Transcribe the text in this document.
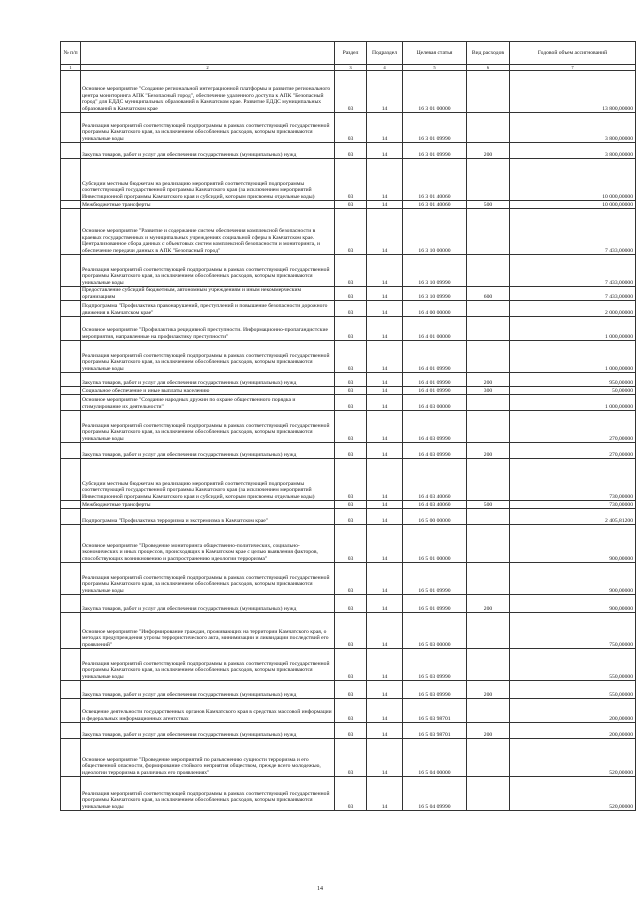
№ п/п		Раздел	Подраздел	Целевая статья	Вид расходов	Годовой объем ассигнований
1	2	3	4	5	6	7
	Основное мероприятие "Создание региональной интеграционной платформы и развитие регионального центра мониторинга АПК "Безопасный город", обеспечение удаленного доступа к АПК "Безопасный город" для ЕДДС муниципальных образований в Камчатском крае. Развитие ЕДДС муниципальных образований в Камчатском крае	03	14	16 3 01 00000		13 800,00000
	Реализация мероприятий соответствующей подпрограммы в рамках соответствующей государственной программы Камчатского края, за исключением обособленных расходов, которым присваиваются уникальные коды	03	14	16 3 01 09990		3 800,00000
	Закупка товаров, работ и услуг для обеспечения государственных (муниципальных) нужд	03	14	16 3 01 09990	200	3 800,00000
	Субсидии местным бюджетам на реализацию мероприятий соответствующей подпрограммы соответствующей государственной программы Камчатского края (за исключением мероприятий Инвестиционной программы Камчатского края и субсидий, которым присвоены отдельные коды)	03	14	16 3 01 40060		10 000,00000
	Межбюджетные трансферты	03	14	16 3 01 40060	500	10 000,00000
	Основное мероприятие "Развитие и содержание систем обеспечения комплексной безопасности в краевых государственных и муниципальных учреждениях социальной сферы в Камчатском крае. Централизованное сбора данных с объектовых систем комплексной безопасности и мониторинга, и обеспечение передачи данных в АПК "Безопасный город"	03	14	16 3 10 00000		7 433,00000
	Реализация мероприятий соответствующей подпрограммы в рамках соответствующей государственной программы Камчатского края, за исключением обособленных расходов, которым присваиваются уникальные коды	03	14	16 3 10 09990		7 433,00000
	Предоставление субсидий бюджетным, автономным учреждениям и иным некоммерческим организациям	03	14	16 3 10 09990	600	7 433,00000
	Подпрограмма "Профилактика правонарушений, преступлений и повышение безопасности дорожного движения в Камчатском крае"	03	14	16 4 00 00000		2 000,00000
	Основное мероприятие "Профилактика рецидивной преступности. Информационно-пропагандистские мероприятия, направленные на профилактику преступности"	03	14	16 4 01 00000		1 000,00000
	Реализация мероприятий соответствующей подпрограммы в рамках соответствующей государственной программы Камчатского края, за исключением обособленных расходов, которым присваиваются уникальные коды	03	14	16 4 01 09990		1 000,00000
	Закупка товаров, работ и услуг для обеспечения государственных (муниципальных) нужд	03	14	16 4 01 09990	200	950,00000
	Социальное обеспечение и иные выплаты населению	03	14	16 4 01 09990	300	50,00000
	Основное мероприятие "Создание народных дружин по охране общественного порядка и стимулирование их деятельности"	03	14	16 4 03 00000		1 000,00000
	Реализация мероприятий соответствующей подпрограммы в рамках соответствующей государственной программы Камчатского края, за исключением обособленных расходов, которым присваиваются уникальные коды	03	14	16 4 03 09990		270,00000
	Закупка товаров, работ и услуг для обеспечения государственных (муниципальных) нужд	03	14	16 4 03 09990	200	270,00000
	Субсидии местным бюджетам на реализацию мероприятий соответствующей подпрограммы соответствующей государственной программы Камчатского края (за исключением мероприятий Инвестиционной программы Камчатского края и субсидий, которым присвоены отдельные коды)	03	14	16 4 03 40060		730,00000
	Межбюджетные трансферты	03	14	16 4 03 40060	500	730,00000
	Подпрограмма "Профилактика терроризма и экстремизма в Камчатском крае"	03	14	16 5 00 00000		2 405,81200
	Основное мероприятие "Проведение мониторинга общественно-политических, социально-экономических и иных процессов, происходящих в Камчатском крае с целью выявления факторов, способствующих возникновению и распространению идеологии терроризма"	03	14	16 5 01 00000		900,00000
	Реализация мероприятий соответствующей подпрограммы в рамках соответствующей государственной программы Камчатского края, за исключением обособленных расходов, которым присваиваются уникальные коды	03	14	16 5 01 09990		900,00000
	Закупка товаров, работ и услуг для обеспечения государственных (муниципальных) нужд	03	14	16 5 01 09990	200	900,00000
	Основное мероприятие "Информирование граждан, проживающих на территории Камчатского края, о методах предупреждения угрозы террористического акта, минимизации и ликвидации последствий его проявлений"	03	14	16 5 03 00000		750,00000
	Реализация мероприятий соответствующей подпрограммы в рамках соответствующей государственной программы Камчатского края, за исключением обособленных расходов, которым присваиваются уникальные коды	03	14	16 5 03 09990		550,00000
	Закупка товаров, работ и услуг для обеспечения государственных (муниципальных) нужд	03	14	16 5 03 09990	200	550,00000
	Освещение деятельности государственных органов Камчатского края в средствах массовой информации и федеральных информационных агентствах	03	14	16 5 03 98701		200,00000
	Закупка товаров, работ и услуг для обеспечения государственных (муниципальных) нужд	03	14	16 5 03 98701	200	200,00000
	Основное мероприятие "Проведение мероприятий по разъяснению сущности терроризма и его общественной опасности, формирование стойкого неприятия обществом, прежде всего молодежью, идеологии терроризма в различных его проявлениях"	03	14	16 5 04 00000		520,00000
	Реализация мероприятий соответствующей подпрограммы в рамках соответствующей государственной программы Камчатского края, за исключением обособленных расходов, которым присваиваются уникальные коды	03	14	16 5 04 09990		520,00000
14
